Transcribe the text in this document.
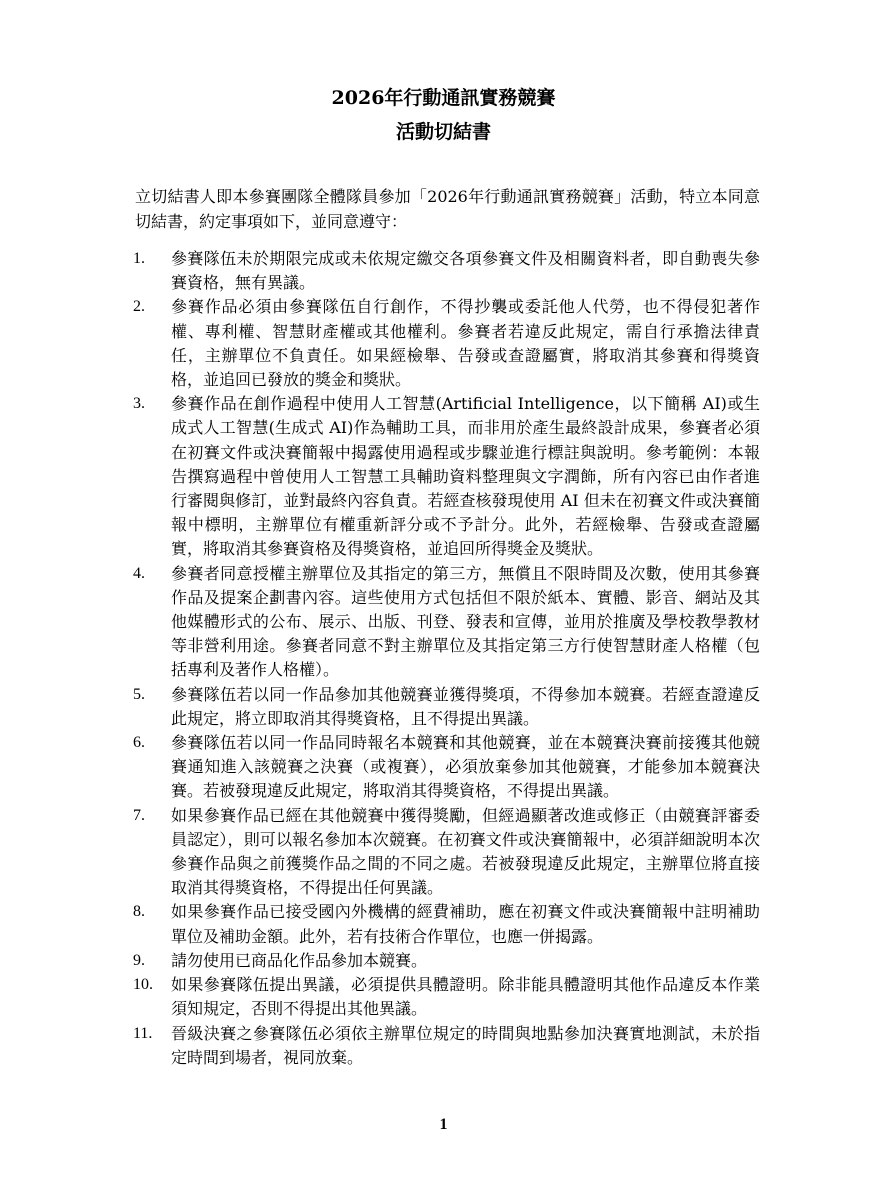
2026年行動通訊實務競賽
活動切結書
立切結書人即本參賽團隊全體隊員參加「2026年行動通訊實務競賽」活動，特立本同意切結書，約定事項如下，並同意遵守：
1.	參賽隊伍未於期限完成或未依規定繳交各項參賽文件及相關資料者，即自動喪失參賽資格，無有異議。
2.	參賽作品必須由參賽隊伍自行創作，不得抄襲或委託他人代勞，也不得侵犯著作權、專利權、智慧財產權或其他權利。參賽者若違反此規定，需自行承擔法律責任，主辦單位不負責任。如果經檢舉、告發或查證屬實，將取消其參賽和得獎資格，並追回已發放的獎金和獎狀。
3.	參賽作品在創作過程中使用人工智慧(Artificial Intelligence，以下簡稱 AI)或生成式人工智慧(生成式 AI)作為輔助工具，而非用於產生最終設計成果，參賽者必須在初賽文件或決賽簡報中揭露使用過程或步驟並進行標註與說明。參考範例：本報告撰寫過程中曾使用人工智慧工具輔助資料整理與文字潤飾，所有內容已由作者進行審閱與修訂，並對最終內容負責。若經查核發現使用 AI 但未在初賽文件或決賽簡報中標明，主辦單位有權重新評分或不予計分。此外，若經檢舉、告發或查證屬實，將取消其參賽資格及得獎資格，並追回所得獎金及獎狀。
4.	參賽者同意授權主辦單位及其指定的第三方，無償且不限時間及次數，使用其參賽作品及提案企劃書內容。這些使用方式包括但不限於紙本、實體、影音、網站及其他媒體形式的公布、展示、出版、刊登、發表和宣傳，並用於推廣及學校教學教材等非營利用途。參賽者同意不對主辦單位及其指定第三方行使智慧財產人格權（包括專利及著作人格權）。
5.	參賽隊伍若以同一作品參加其他競賽並獲得獎項，不得參加本競賽。若經查證違反此規定，將立即取消其得獎資格，且不得提出異議。
6.	參賽隊伍若以同一作品同時報名本競賽和其他競賽，並在本競賽決賽前接獲其他競賽通知進入該競賽之決賽（或複賽），必須放棄參加其他競賽，才能參加本競賽決賽。若被發現違反此規定，將取消其得獎資格，不得提出異議。
7.	如果參賽作品已經在其他競賽中獲得獎勵，但經過顯著改進或修正（由競賽評審委員認定），則可以報名參加本次競賽。在初賽文件或決賽簡報中，必須詳細說明本次參賽作品與之前獲獎作品之間的不同之處。若被發現違反此規定，主辦單位將直接取消其得獎資格，不得提出任何異議。
8.	如果參賽作品已接受國內外機構的經費補助，應在初賽文件或決賽簡報中註明補助單位及補助金額。此外，若有技術合作單位，也應一併揭露。
9.	請勿使用已商品化作品參加本競賽。
10.	如果參賽隊伍提出異議，必須提供具體證明。除非能具體證明其他作品違反本作業須知規定，否則不得提出其他異議。
11.	晉級決賽之參賽隊伍必須依主辦單位規定的時間與地點參加決賽實地測試，未於指定時間到場者，視同放棄。
1
